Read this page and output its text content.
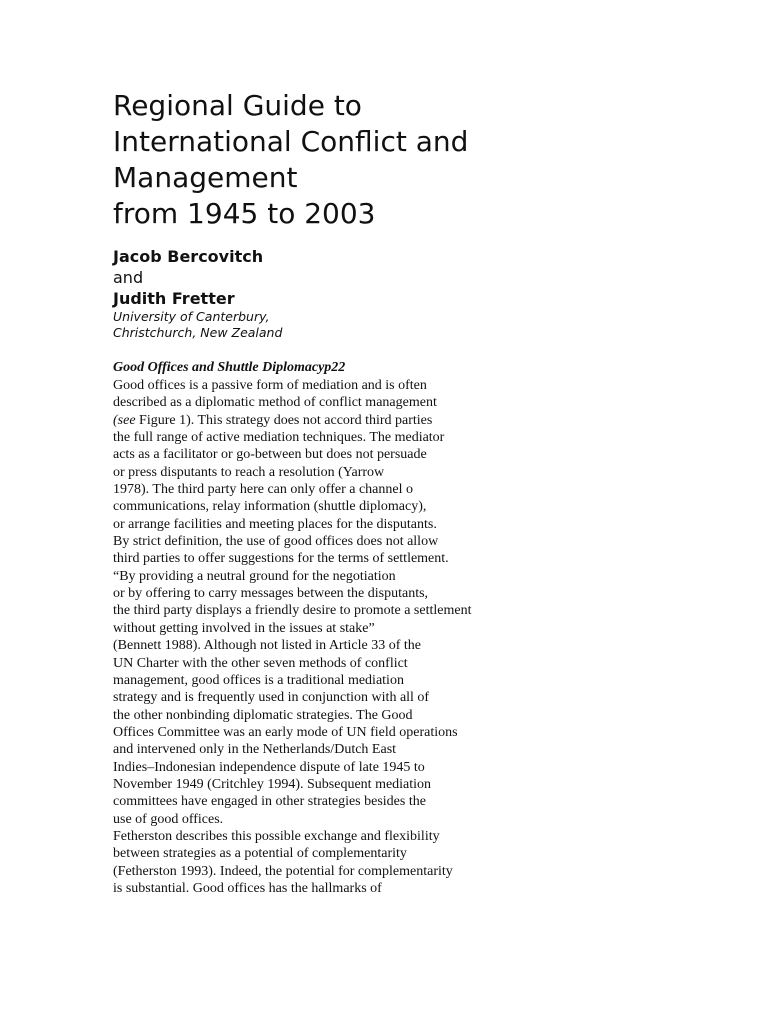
Regional Guide to
International Conflict and
Management
from 1945 to 2003
Jacob Bercovitch
and
Judith Fretter
University of Canterbury,
Christchurch, New Zealand
Good Offices and Shuttle Diplomacyp22
Good offices is a passive form of mediation and is often
described as a diplomatic method of conflict management
(see Figure 1). This strategy does not accord third parties
the full range of active mediation techniques. The mediator
acts as a facilitator or go-between but does not persuade
or press disputants to reach a resolution (Yarrow
1978). The third party here can only offer a channel o
communications, relay information (shuttle diplomacy),
or arrange facilities and meeting places for the disputants.
By strict definition, the use of good offices does not allow
third parties to offer suggestions for the terms of settlement.
“By providing a neutral ground for the negotiation
or by offering to carry messages between the disputants,
the third party displays a friendly desire to promote a settlement
without getting involved in the issues at stake”
(Bennett 1988). Although not listed in Article 33 of the
UN Charter with the other seven methods of conflict
management, good offices is a traditional mediation
strategy and is frequently used in conjunction with all of
the other nonbinding diplomatic strategies. The Good
Offices Committee was an early mode of UN field operations
and intervened only in the Netherlands/Dutch East
Indies–Indonesian independence dispute of late 1945 to
November 1949 (Critchley 1994). Subsequent mediation
committees have engaged in other strategies besides the
use of good offices.
Fetherston describes this possible exchange and flexibility
between strategies as a potential of complementarity
(Fetherston 1993). Indeed, the potential for complementarity
is substantial. Good offices has the hallmarks of
